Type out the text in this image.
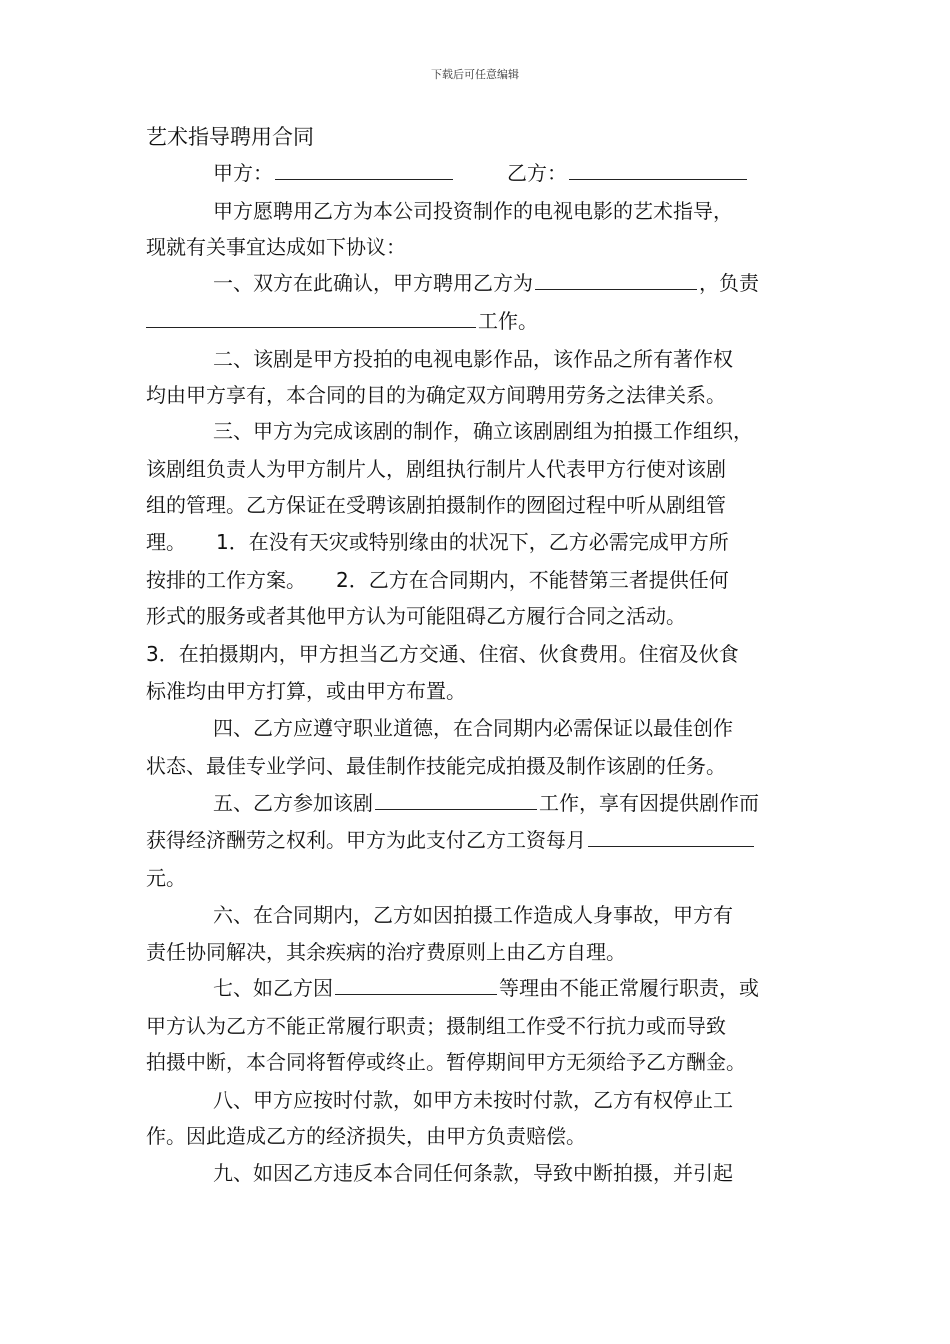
下载后可任意编辑
艺术指导聘用合同
甲方：	乙方：
甲方愿聘用乙方为本公司投资制作的电视电影的艺术指导，
现就有关事宜达成如下协议：
一、双方在此确认，甲方聘用乙方为	，负责
工作。
二、该剧是甲方投拍的电视电影作品，该作品之所有著作权
均由甲方享有，本合同的目的为确定双方间聘用劳务之法律关系。
三、甲方为完成该剧的制作，确立该剧剧组为拍摄工作组织，
该剧组负责人为甲方制片人，剧组执行制片人代表甲方行使对该剧
组的管理。乙方保证在受聘该剧拍摄制作的囫囵过程中听从剧组管
理。　　1．在没有天灾或特别缘由的状况下，乙方必需完成甲方所
按排的工作方案。　　2．乙方在合同期内，不能替第三者提供任何
形式的服务或者其他甲方认为可能阻碍乙方履行合同之活动。
3．在拍摄期内，甲方担当乙方交通、住宿、伙食费用。住宿及伙食
标准均由甲方打算，或由甲方布置。
四、乙方应遵守职业道德，在合同期内必需保证以最佳创作
状态、最佳专业学问、最佳制作技能完成拍摄及制作该剧的任务。
五、乙方参加该剧	工作，享有因提供剧作而
获得经济酬劳之权利。甲方为此支付乙方工资每月
元。
六、在合同期内，乙方如因拍摄工作造成人身事故，甲方有
责任协同解决，其余疾病的治疗费原则上由乙方自理。
七、如乙方因	等理由不能正常履行职责，或
甲方认为乙方不能正常履行职责；摄制组工作受不行抗力或而导致
拍摄中断，本合同将暂停或终止。暂停期间甲方无须给予乙方酬金。
八、甲方应按时付款，如甲方未按时付款，乙方有权停止工
作。因此造成乙方的经济损失，由甲方负责赔偿。
九、如因乙方违反本合同任何条款，导致中断拍摄，并引起
